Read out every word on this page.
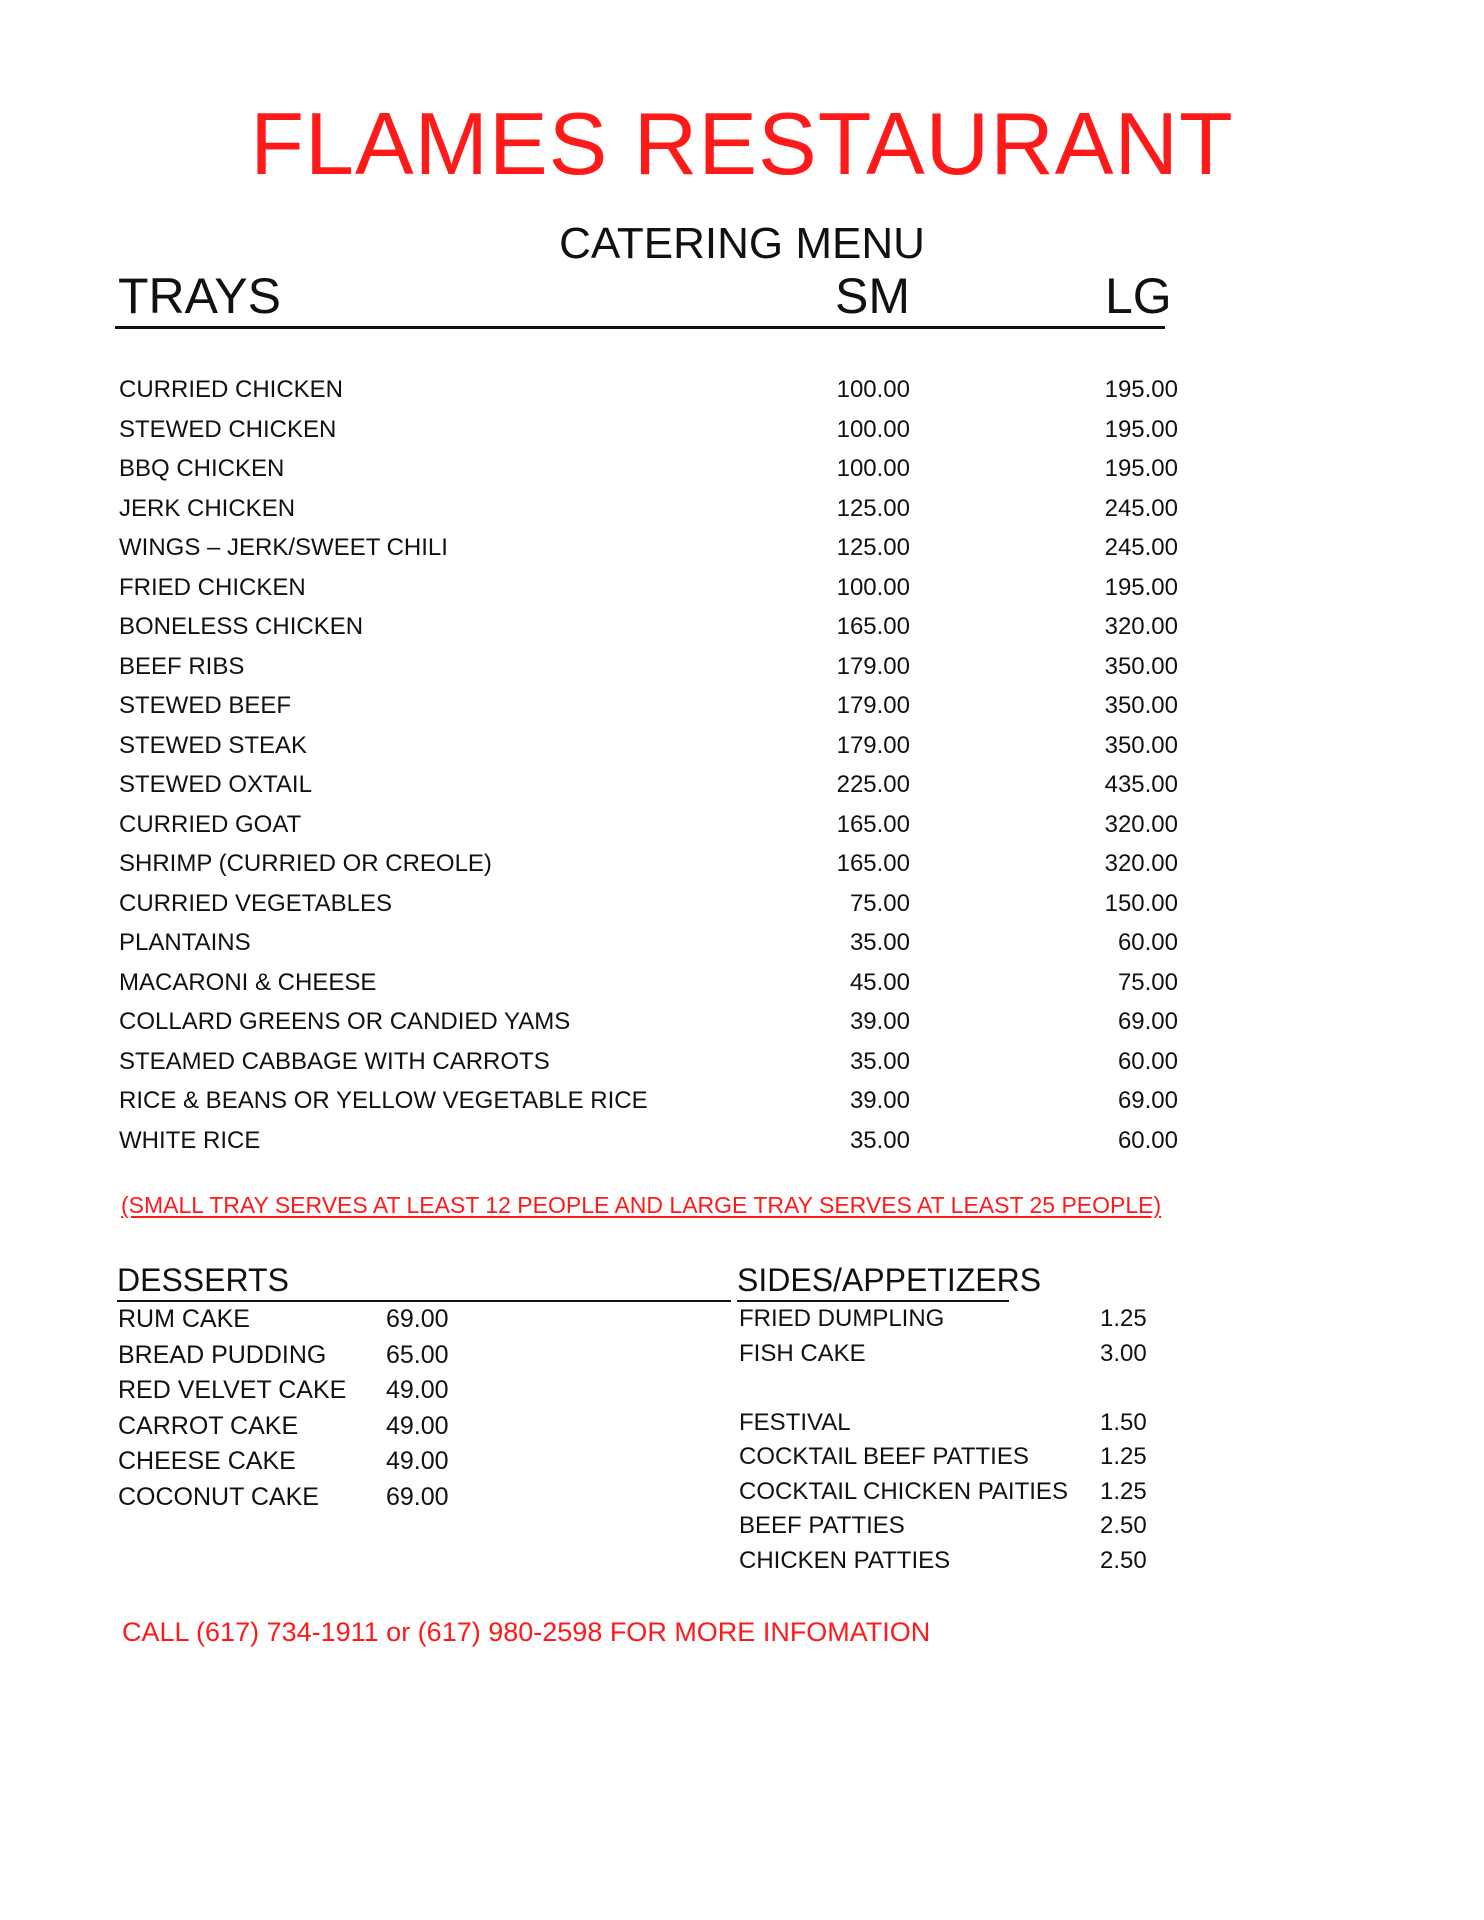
FLAMES RESTAURANT
CATERING MENU
TRAYS	SM	LG
CURRIED CHICKEN	100.00	195.00
STEWED CHICKEN	100.00	195.00
BBQ CHICKEN	100.00	195.00
JERK CHICKEN	125.00	245.00
WINGS – JERK/SWEET CHILI	125.00	245.00
FRIED CHICKEN	100.00	195.00
BONELESS CHICKEN	165.00	320.00
BEEF RIBS	179.00	350.00
STEWED BEEF	179.00	350.00
STEWED STEAK	179.00	350.00
STEWED OXTAIL	225.00	435.00
CURRIED GOAT	165.00	320.00
SHRIMP (CURRIED OR CREOLE)	165.00	320.00
CURRIED VEGETABLES	75.00	150.00
PLANTAINS	35.00	60.00
MACARONI & CHEESE	45.00	75.00
COLLARD GREENS OR CANDIED YAMS	39.00	69.00
STEAMED CABBAGE WITH CARROTS	35.00	60.00
RICE & BEANS OR YELLOW VEGETABLE RICE	39.00	69.00
WHITE RICE	35.00	60.00
(SMALL TRAY SERVES AT LEAST 12 PEOPLE AND LARGE TRAY SERVES AT LEAST 25 PEOPLE)
DESSERTS	SIDES/APPETIZERS
RUM CAKE	69.00
BREAD PUDDING 65.00
RED VELVET CAKE 49.00
CARROT CAKE	49.00
CHEESE CAKE	49.00
COCONUT CAKE	69.00
FRIED DUMPLING	1.25
FISH CAKE	3.00
FESTIVAL	1.50
COCKTAIL BEEF PATTIES	1.25
COCKTAIL CHICKEN PAITIES 1.25
BEEF PATTIES	2.50
CHICKEN PATTIES	2.50
CALL (617) 734-1911 or (617) 980-2598 FOR MORE INFOMATION
